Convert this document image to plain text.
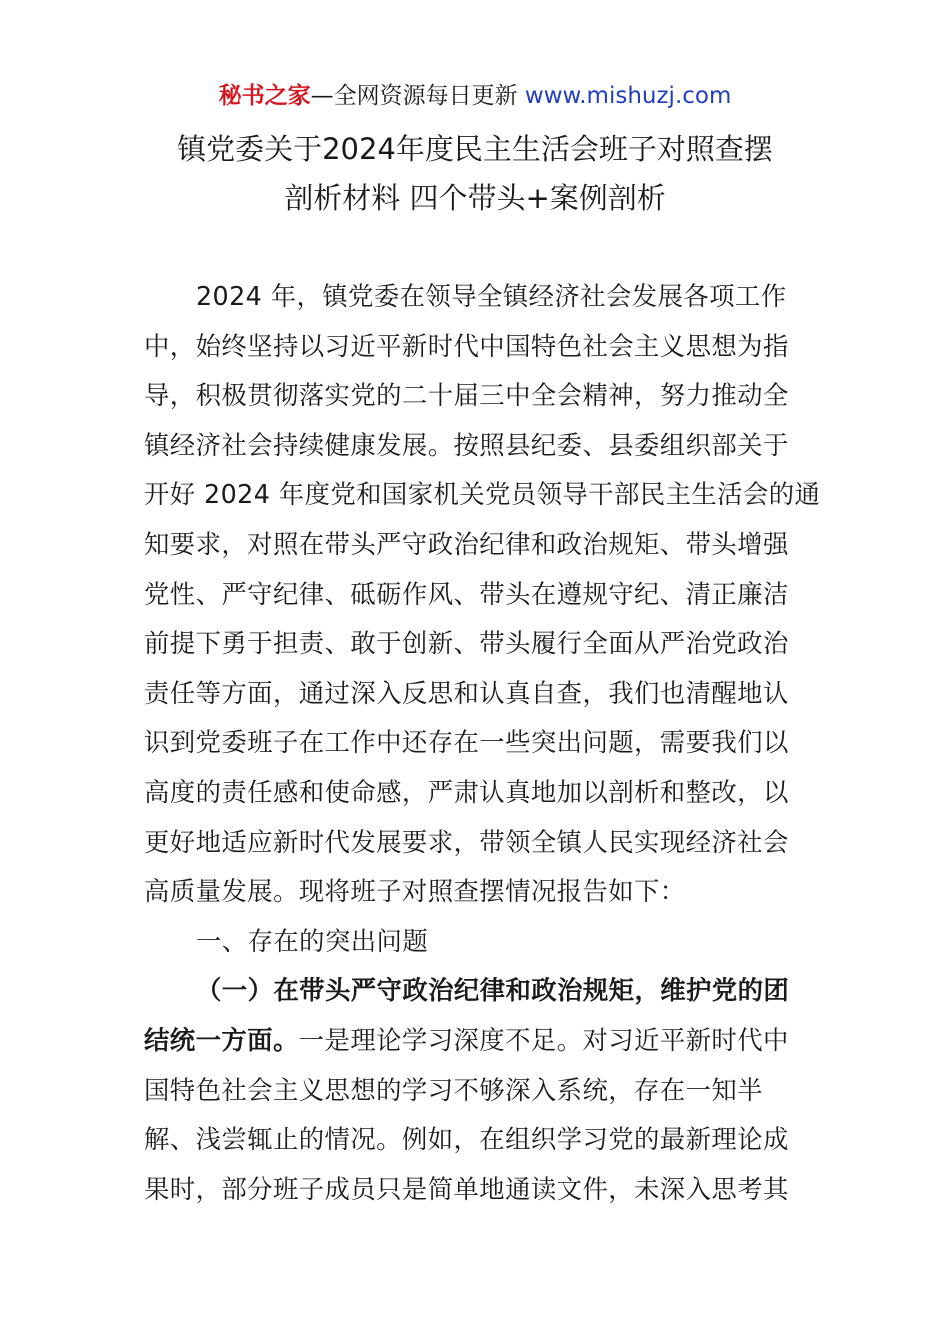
秘书之家—全网资源每日更新 www.mishuzj.com
镇党委关于2024年度民主生活会班子对照查摆
剖析材料 四个带头+案例剖析
2024 年，镇党委在领导全镇经济社会发展各项工作
中，始终坚持以习近平新时代中国特色社会主义思想为指
导，积极贯彻落实党的二十届三中全会精神，努力推动全
镇经济社会持续健康发展。按照县纪委、县委组织部关于
开好 2024 年度党和国家机关党员领导干部民主生活会的通
知要求，对照在带头严守政治纪律和政治规矩、带头增强
党性、严守纪律、砥砺作风、带头在遵规守纪、清正廉洁
前提下勇于担责、敢于创新、带头履行全面从严治党政治
责任等方面，通过深入反思和认真自查，我们也清醒地认
识到党委班子在工作中还存在一些突出问题，需要我们以
高度的责任感和使命感，严肃认真地加以剖析和整改，以
更好地适应新时代发展要求，带领全镇人民实现经济社会
高质量发展。现将班子对照查摆情况报告如下：
一、存在的突出问题
（一）在带头严守政治纪律和政治规矩，维护党的团
结统一方面。一是理论学习深度不足。对习近平新时代中
国特色社会主义思想的学习不够深入系统，存在一知半
解、浅尝辄止的情况。例如，在组织学习党的最新理论成
果时，部分班子成员只是简单地通读文件，未深入思考其
